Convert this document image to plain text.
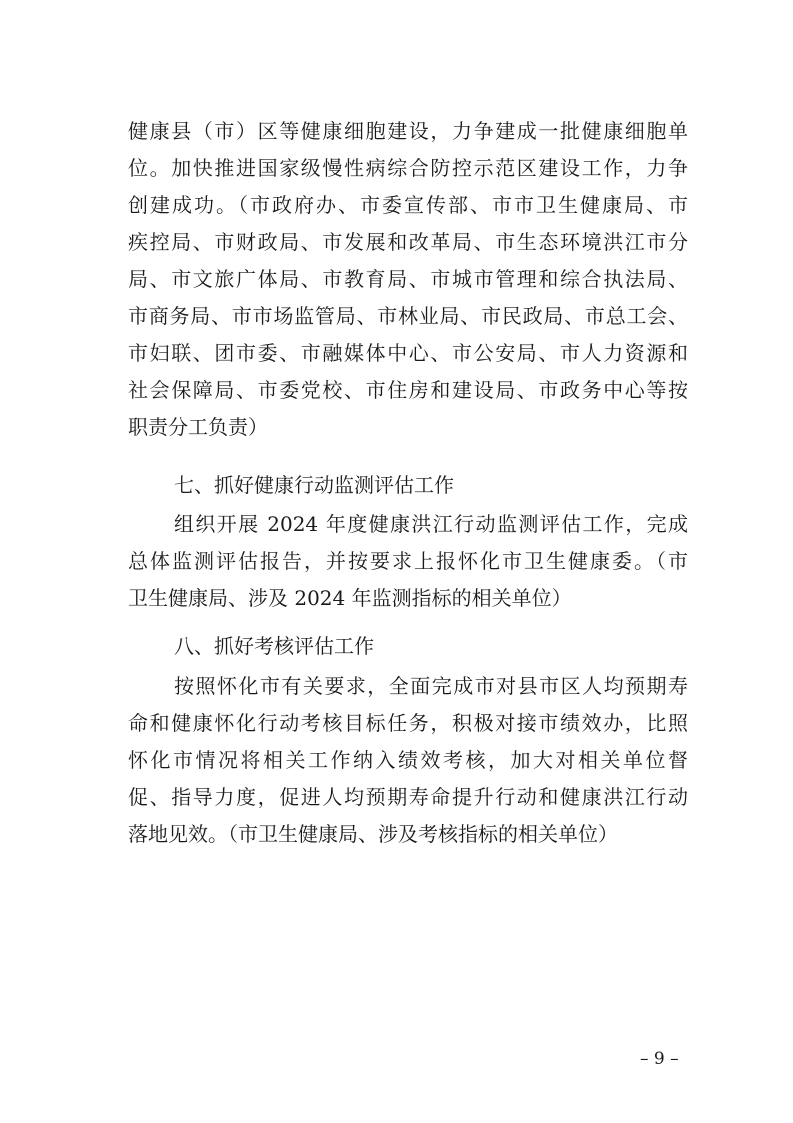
健康县（市）区等健康细胞建设，力争建成一批健康细胞单
位。加快推进国家级慢性病综合防控示范区建设工作，力争
创建成功。（市政府办、市委宣传部、市市卫生健康局、市
疾控局、市财政局、市发展和改革局、市生态环境洪江市分
局、市文旅广体局、市教育局、市城市管理和综合执法局、
市商务局、市市场监管局、市林业局、市民政局、市总工会、
市妇联、团市委、市融媒体中心、市公安局、市人力资源和
社会保障局、市委党校、市住房和建设局、市政务中心等按
职责分工负责）
七、抓好健康行动监测评估工作
组织开展 2024 年度健康洪江行动监测评估工作，完成
总体监测评估报告，并按要求上报怀化市卫生健康委。（市
卫生健康局、涉及 2024 年监测指标的相关单位）
八、抓好考核评估工作
按照怀化市有关要求，全面完成市对县市区人均预期寿
命和健康怀化行动考核目标任务，积极对接市绩效办，比照
怀化市情况将相关工作纳入绩效考核，加大对相关单位督
促、指导力度，促进人均预期寿命提升行动和健康洪江行动
落地见效。（市卫生健康局、涉及考核指标的相关单位）
– 9 –
